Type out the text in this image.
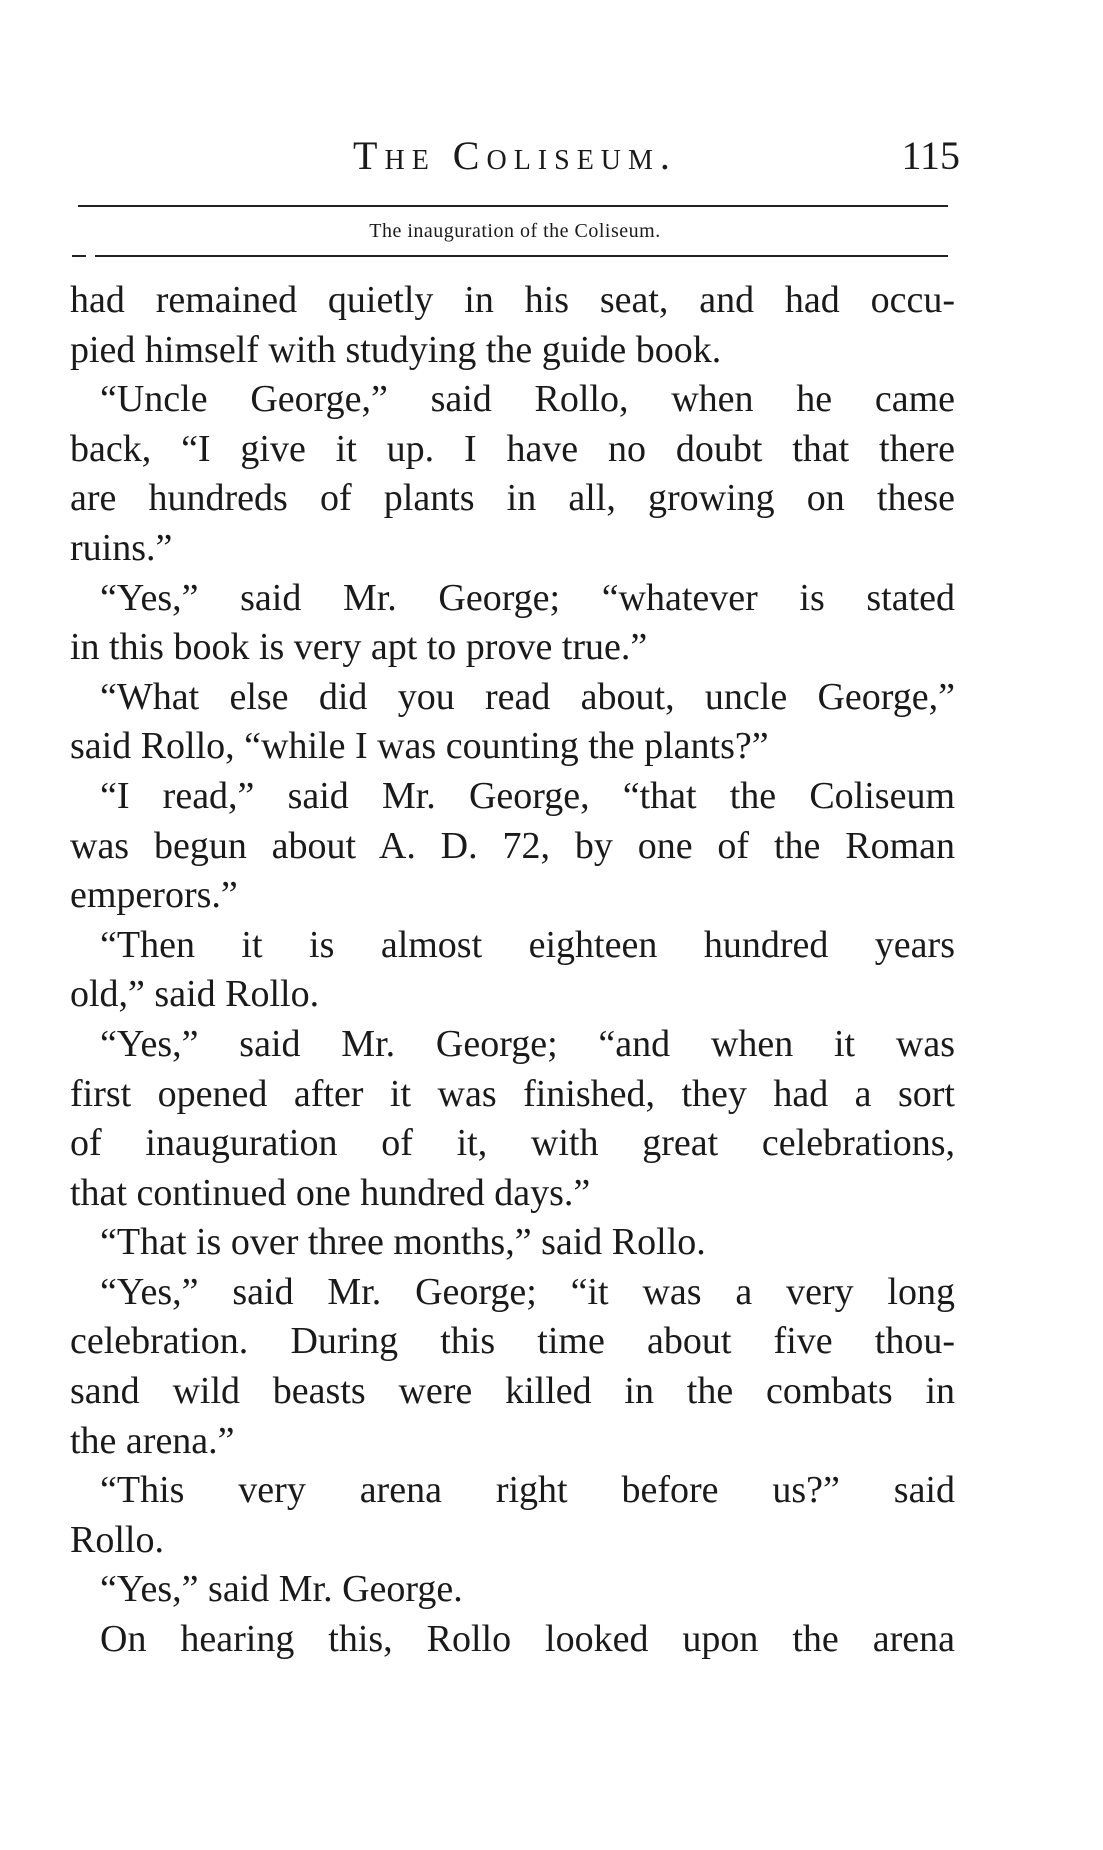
The Coliseum.	115
The inauguration of the Coliseum.
had remained quietly in his seat, and had occu-
pied himself with studying the guide book.
“Uncle George,” said Rollo, when he came
back, “I give it up. I have no doubt that there
are hundreds of plants in all, growing on these
ruins.”
“Yes,” said Mr. George; “whatever is stated
in this book is very apt to prove true.”
“What else did you read about, uncle George,”
said Rollo, “while I was counting the plants?”
“I read,” said Mr. George, “that the Coliseum
was begun about A. D. 72, by one of the Roman
emperors.”
“Then it is almost eighteen hundred years
old,” said Rollo.
“Yes,” said Mr. George; “and when it was
first opened after it was finished, they had a sort
of inauguration of it, with great celebrations,
that continued one hundred days.”
“That is over three months,” said Rollo.
“Yes,” said Mr. George; “it was a very long
celebration. During this time about five thou-
sand wild beasts were killed in the combats in
the arena.”
“This very arena right before us?” said
Rollo.
“Yes,” said Mr. George.
On hearing this, Rollo looked upon the arena
